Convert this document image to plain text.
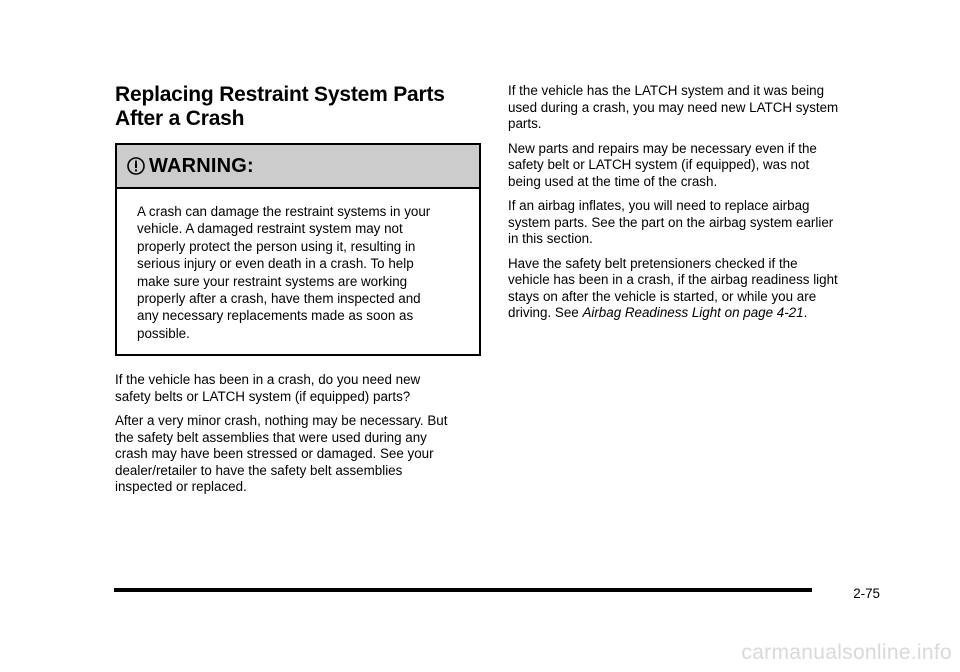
Replacing Restraint System Parts
After a Crash
WARNING:
A crash can damage the restraint systems in your
vehicle. A damaged restraint system may not
properly protect the person using it, resulting in
serious injury or even death in a crash. To help
make sure your restraint systems are working
properly after a crash, have them inspected and
any necessary replacements made as soon as
possible.

If the vehicle has been in a crash, do you need new
safety belts or LATCH system (if equipped) parts?

After a very minor crash, nothing may be necessary. But
the safety belt assemblies that were used during any
crash may have been stressed or damaged. See your
dealer/retailer to have the safety belt assemblies
inspected or replaced.

If the vehicle has the LATCH system and it was being
used during a crash, you may need new LATCH system
parts.

New parts and repairs may be necessary even if the
safety belt or LATCH system (if equipped), was not
being used at the time of the crash.

If an airbag inflates, you will need to replace airbag
system parts. See the part on the airbag system earlier
in this section.

Have the safety belt pretensioners checked if the
vehicle has been in a crash, if the airbag readiness light
stays on after the vehicle is started, or while you are
driving. See Airbag Readiness Light on page 4-21.

2-75
carmanualsonline.info
